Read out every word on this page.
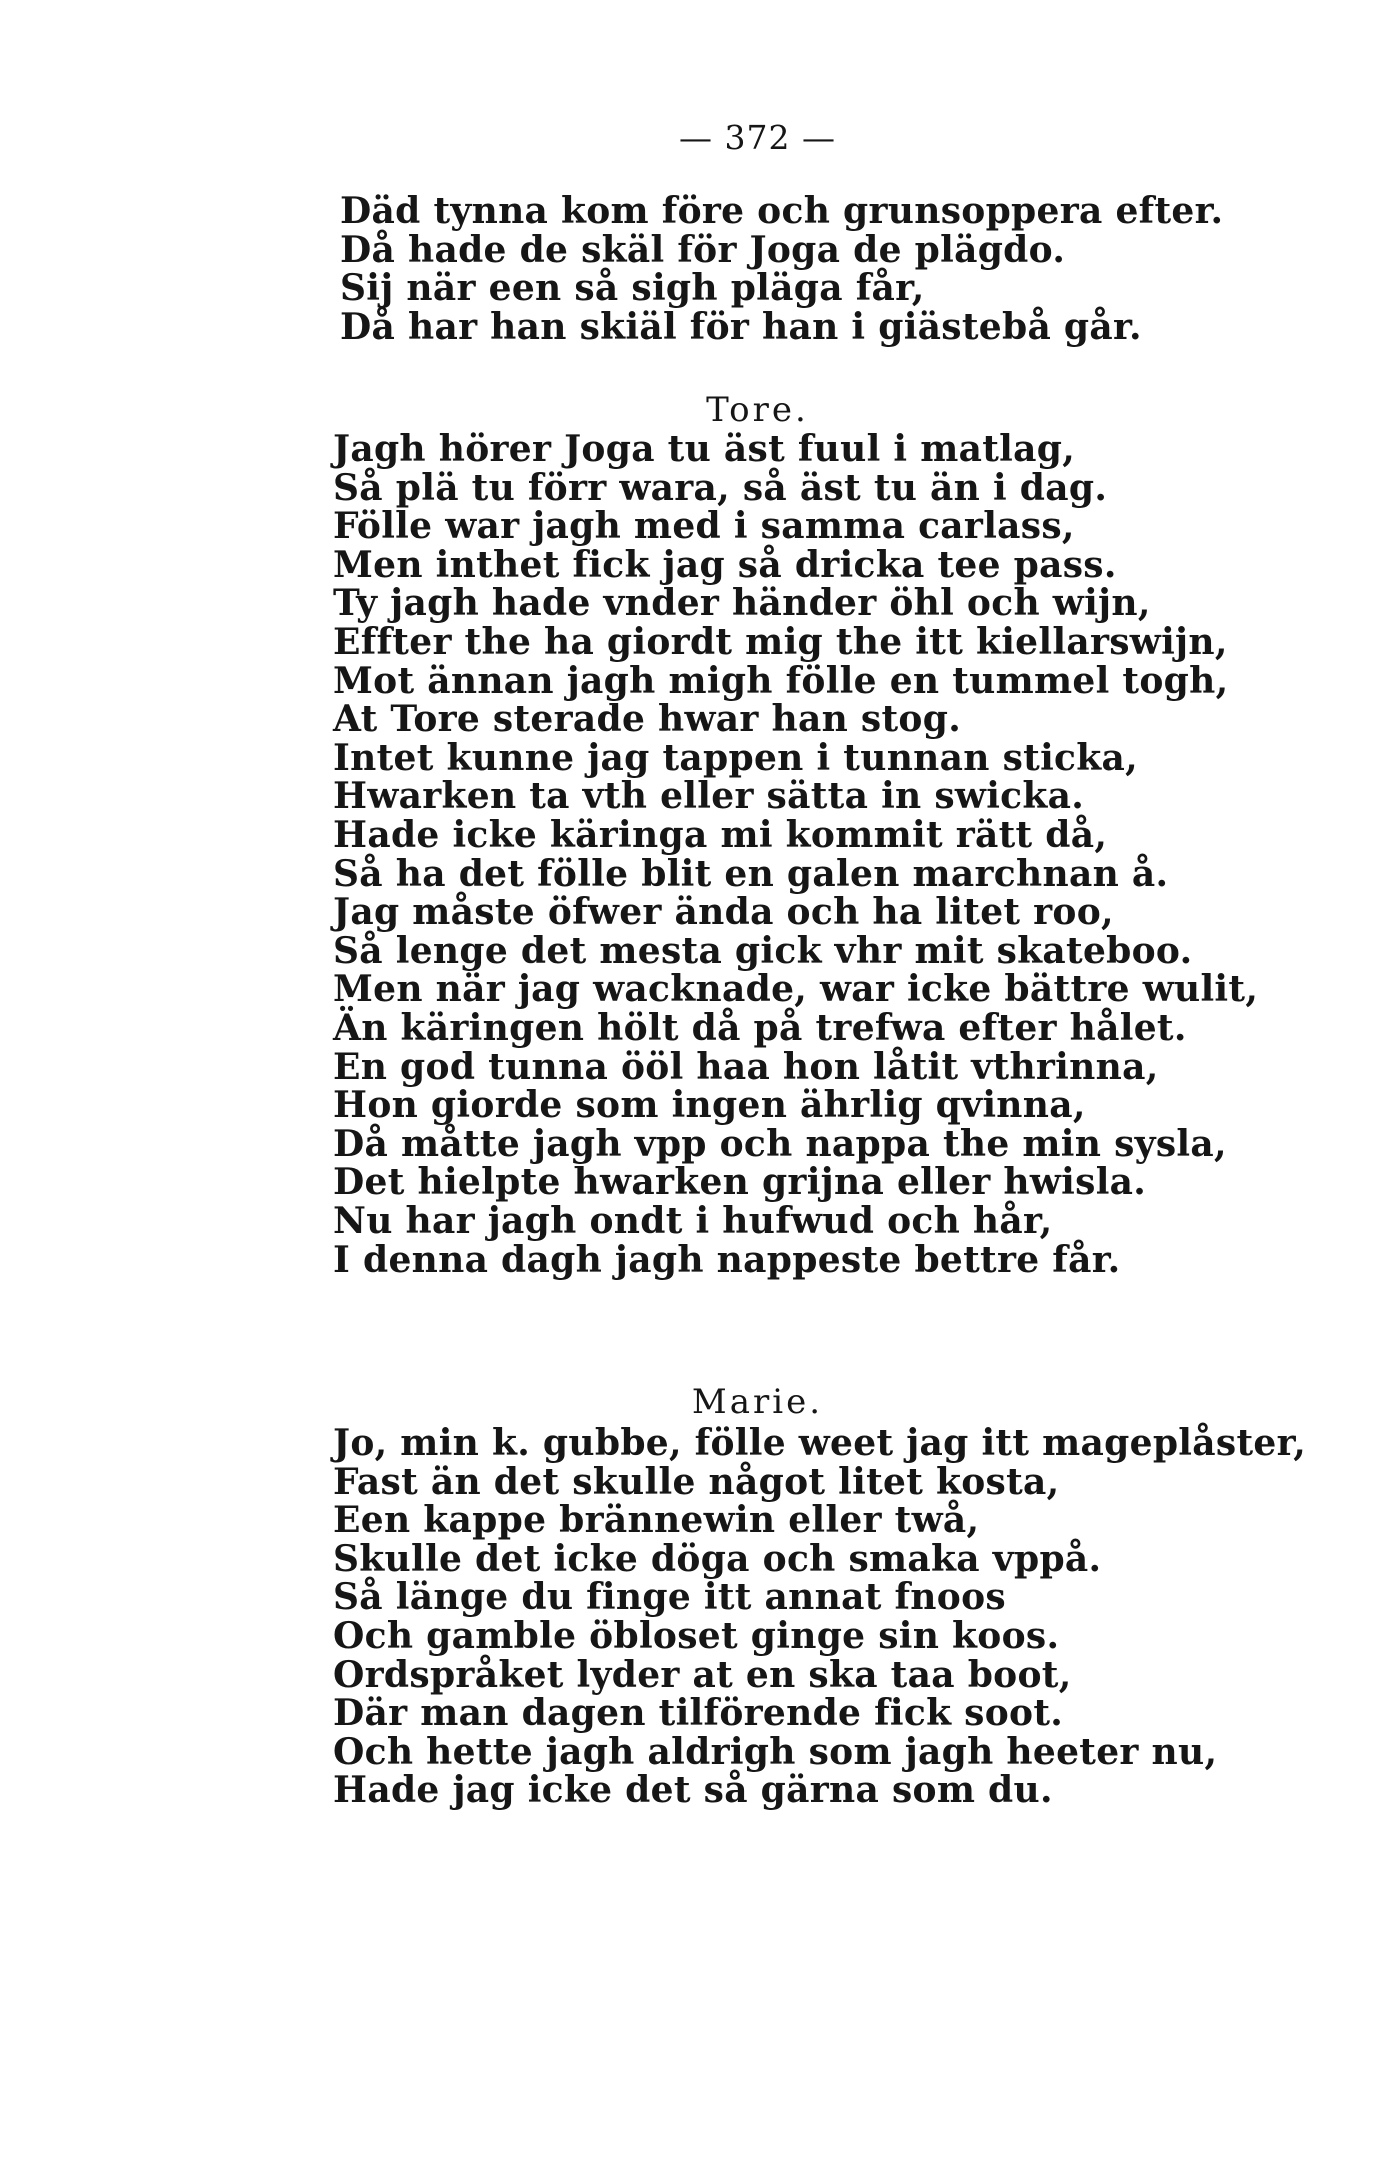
— 372 —
Däd tynna kom före och grunsoppera efter.
Då hade de skäl för Joga de plägdo.
Sij när een så sigh pläga får,
Då har han skiäl för han i giästebå går.
Tore.
Jagh hörer Joga tu äst fuul i matlag,
Så plä tu förr wara, så äst tu än i dag.
Fölle war jagh med i samma carlass,
Men inthet fick jag så dricka tee pass.
Ty jagh hade vnder händer öhl och wijn,
Effter the ha giordt mig the itt kiellarswijn,
Mot ännan jagh migh fölle en tummel togh,
At Tore sterade hwar han stog.
Intet kunne jag tappen i tunnan sticka,
Hwarken ta vth eller sätta in swicka.
Hade icke käringa mi kommit rätt då,
Så ha det fölle blit en galen marchnan å.
Jag måste öfwer ända och ha litet roo,
Så lenge det mesta gick vhr mit skateboo.
Men när jag wacknade, war icke bättre wulit,
Än käringen hölt då på trefwa efter hålet.
En god tunna ööl haa hon låtit vthrinna,
Hon giorde som ingen ährlig qvinna,
Då måtte jagh vpp och nappa the min sysla,
Det hielpte hwarken grijna eller hwisla.
Nu har jagh ondt i hufwud och hår,
I denna dagh jagh nappeste bettre får.
Marie.
Jo, min k. gubbe, fölle weet jag itt mageplåster,
Fast än det skulle något litet kosta,
Een kappe brännewin eller twå,
Skulle det icke döga och smaka vppå.
Så länge du finge itt annat fnoos
Och gamble öbloset ginge sin koos.
Ordspråket lyder at en ska taa boot,
Där man dagen tilförende fick soot.
Och hette jagh aldrigh som jagh heeter nu,
Hade jag icke det så gärna som du.
